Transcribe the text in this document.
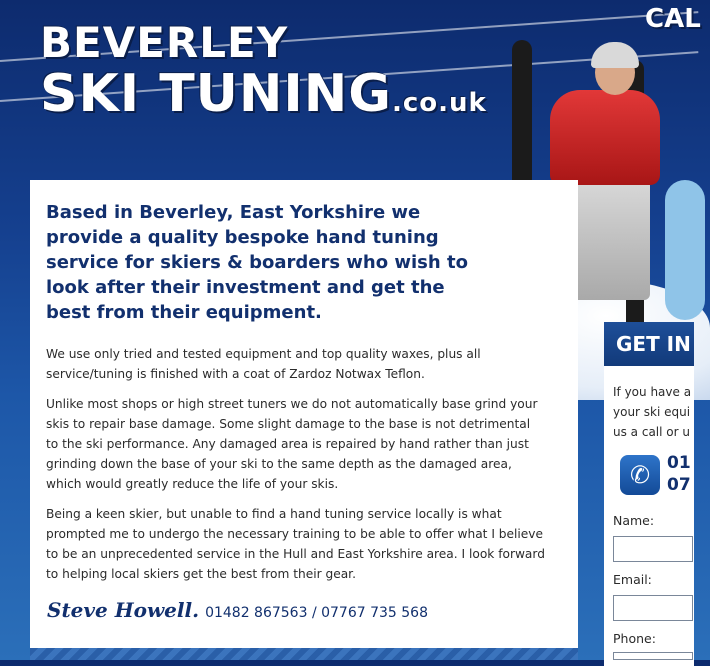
BEVERLEY
SKI TUNING.co.uk
CAL

Based in Beverley, East Yorkshire we provide a quality bespoke hand tuning service for skiers & boarders who wish to look after their investment and get the best from their equipment.

We use only tried and tested equipment and top quality waxes, plus all service/tuning is finished with a coat of Zardoz Notwax Teflon.

Unlike most shops or high street tuners we do not automatically base grind your skis to repair base damage. Some slight damage to the base is not detrimental to the ski performance. Any damaged area is repaired by hand rather than just grinding down the base of your ski to the same depth as the damaged area, which would greatly reduce the life of your skis.

Being a keen skier, but unable to find a hand tuning service locally is what prompted me to undergo the necessary training to be able to offer what I believe to be an unprecedented service in the Hull and East Yorkshire area. I look forward to helping local skiers get the best from their gear.

Steve Howell. 01482 867563 / 07767 735 568
GET IN
If you have a
your ski equi
us a call or u
✆ 01
07
Name:
Email:
Phone:
